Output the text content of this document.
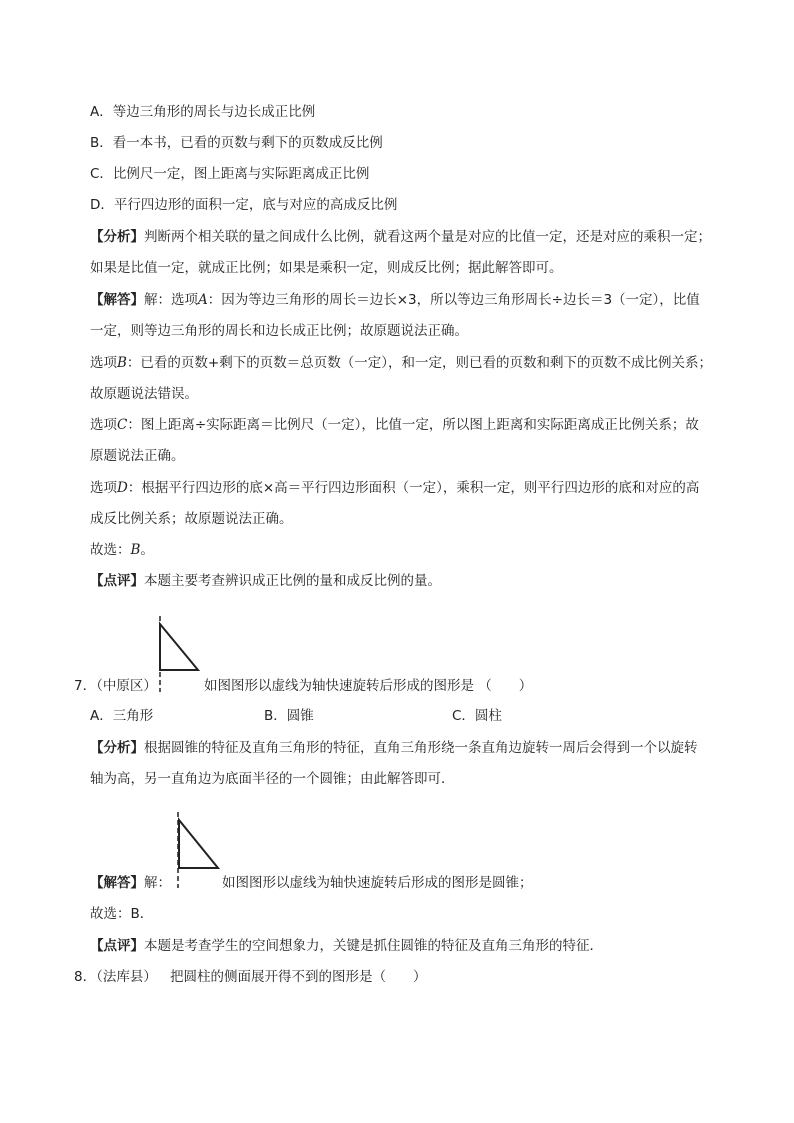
A．等边三角形的周长与边长成正比例
B．看一本书，已看的页数与剩下的页数成反比例
C．比例尺一定，图上距离与实际距离成正比例
D．平行四边形的面积一定，底与对应的高成反比例
【分析】判断两个相关联的量之间成什么比例，就看这两个量是对应的比值一定，还是对应的乘积一定；
如果是比值一定，就成正比例；如果是乘积一定，则成反比例；据此解答即可。
【解答】解：选项A：因为等边三角形的周长＝边长×3，所以等边三角形周长÷边长＝3（一定），比值
一定，则等边三角形的周长和边长成正比例；故原题说法正确。
选项B：已看的页数+剩下的页数＝总页数（一定），和一定，则已看的页数和剩下的页数不成比例关系；
故原题说法错误。
选项C：图上距离÷实际距离＝比例尺（一定），比值一定，所以图上距离和实际距离成正比例关系；故
原题说法正确。
选项D：根据平行四边形的底×高＝平行四边形面积（一定），乘积一定，则平行四边形的底和对应的高
成反比例关系；故原题说法正确。
故选：B。
【点评】本题主要考查辨识成正比例的量和成反比例的量。
7．（中原区）	如图图形以虚线为轴快速旋转后形成的图形是 （　　）
A．三角形	B．圆锥	C．圆柱
【分析】根据圆锥的特征及直角三角形的特征，直角三角形绕一条直角边旋转一周后会得到一个以旋转
轴为高，另一直角边为底面半径的一个圆锥；由此解答即可．
【解答】解：	如图图形以虚线为轴快速旋转后形成的图形是圆锥；
故选：B．
【点评】本题是考查学生的空间想象力，关键是抓住圆锥的特征及直角三角形的特征．
8．（法库县） 把圆柱的侧面展开得不到的图形是（　　）
